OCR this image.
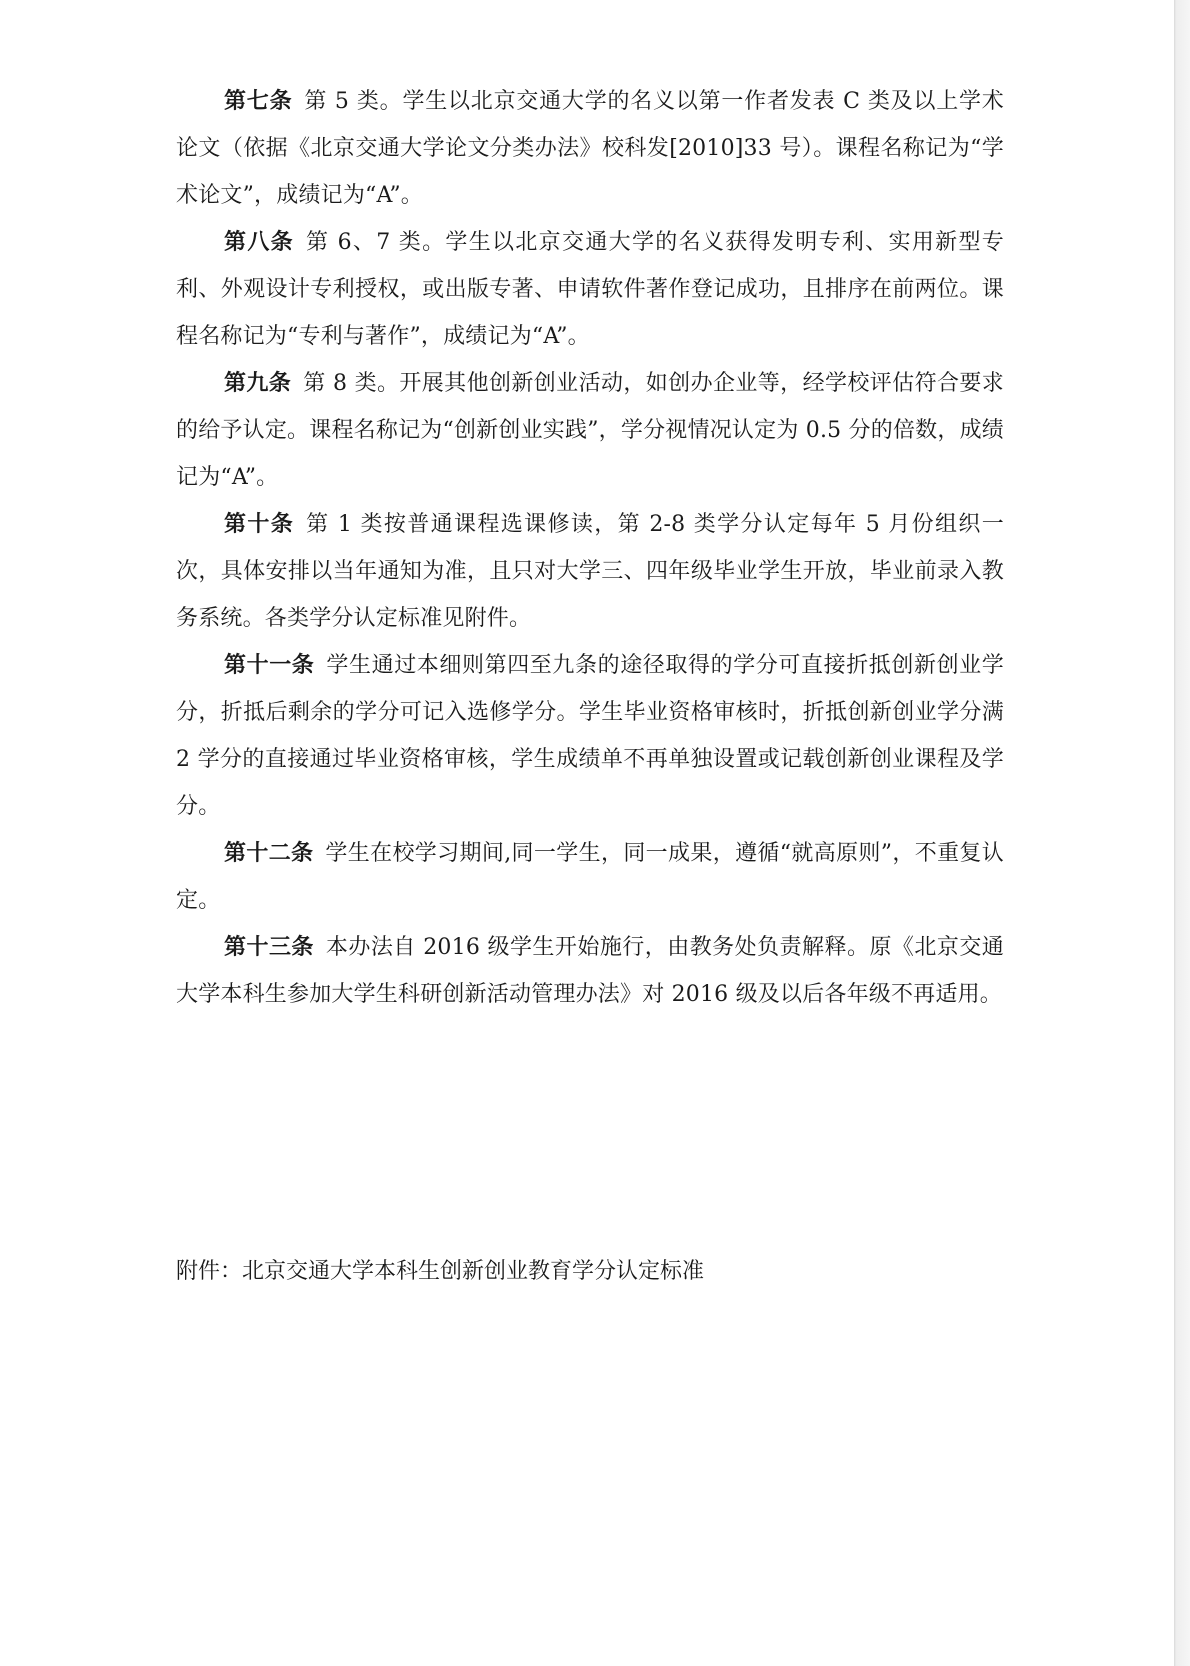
第七条 第 5 类。学生以北京交通大学的名义以第一作者发表 C 类及以上学术论文（依据《北京交通大学论文分类办法》校科发[2010]33 号）。课程名称记为“学术论文”，成绩记为“A”。

第八条 第 6、7 类。学生以北京交通大学的名义获得发明专利、实用新型专利、外观设计专利授权，或出版专著、申请软件著作登记成功，且排序在前两位。课程名称记为“专利与著作”，成绩记为“A”。

第九条 第 8 类。开展其他创新创业活动，如创办企业等，经学校评估符合要求的给予认定。课程名称记为“创新创业实践”，学分视情况认定为 0.5 分的倍数，成绩记为“A”。

第十条 第 1 类按普通课程选课修读，第 2-8 类学分认定每年 5 月份组织一次，具体安排以当年通知为准，且只对大学三、四年级毕业学生开放，毕业前录入教务系统。各类学分认定标准见附件。

第十一条 学生通过本细则第四至九条的途径取得的学分可直接折抵创新创业学分，折抵后剩余的学分可记入选修学分。学生毕业资格审核时，折抵创新创业学分满 2 学分的直接通过毕业资格审核，学生成绩单不再单独设置或记载创新创业课程及学分。

第十二条 学生在校学习期间,同一学生，同一成果，遵循“就高原则”，不重复认定。

第十三条 本办法自 2016 级学生开始施行，由教务处负责解释。原《北京交通大学本科生参加大学生科研创新活动管理办法》对 2016 级及以后各年级不再适用。

附件：北京交通大学本科生创新创业教育学分认定标准
